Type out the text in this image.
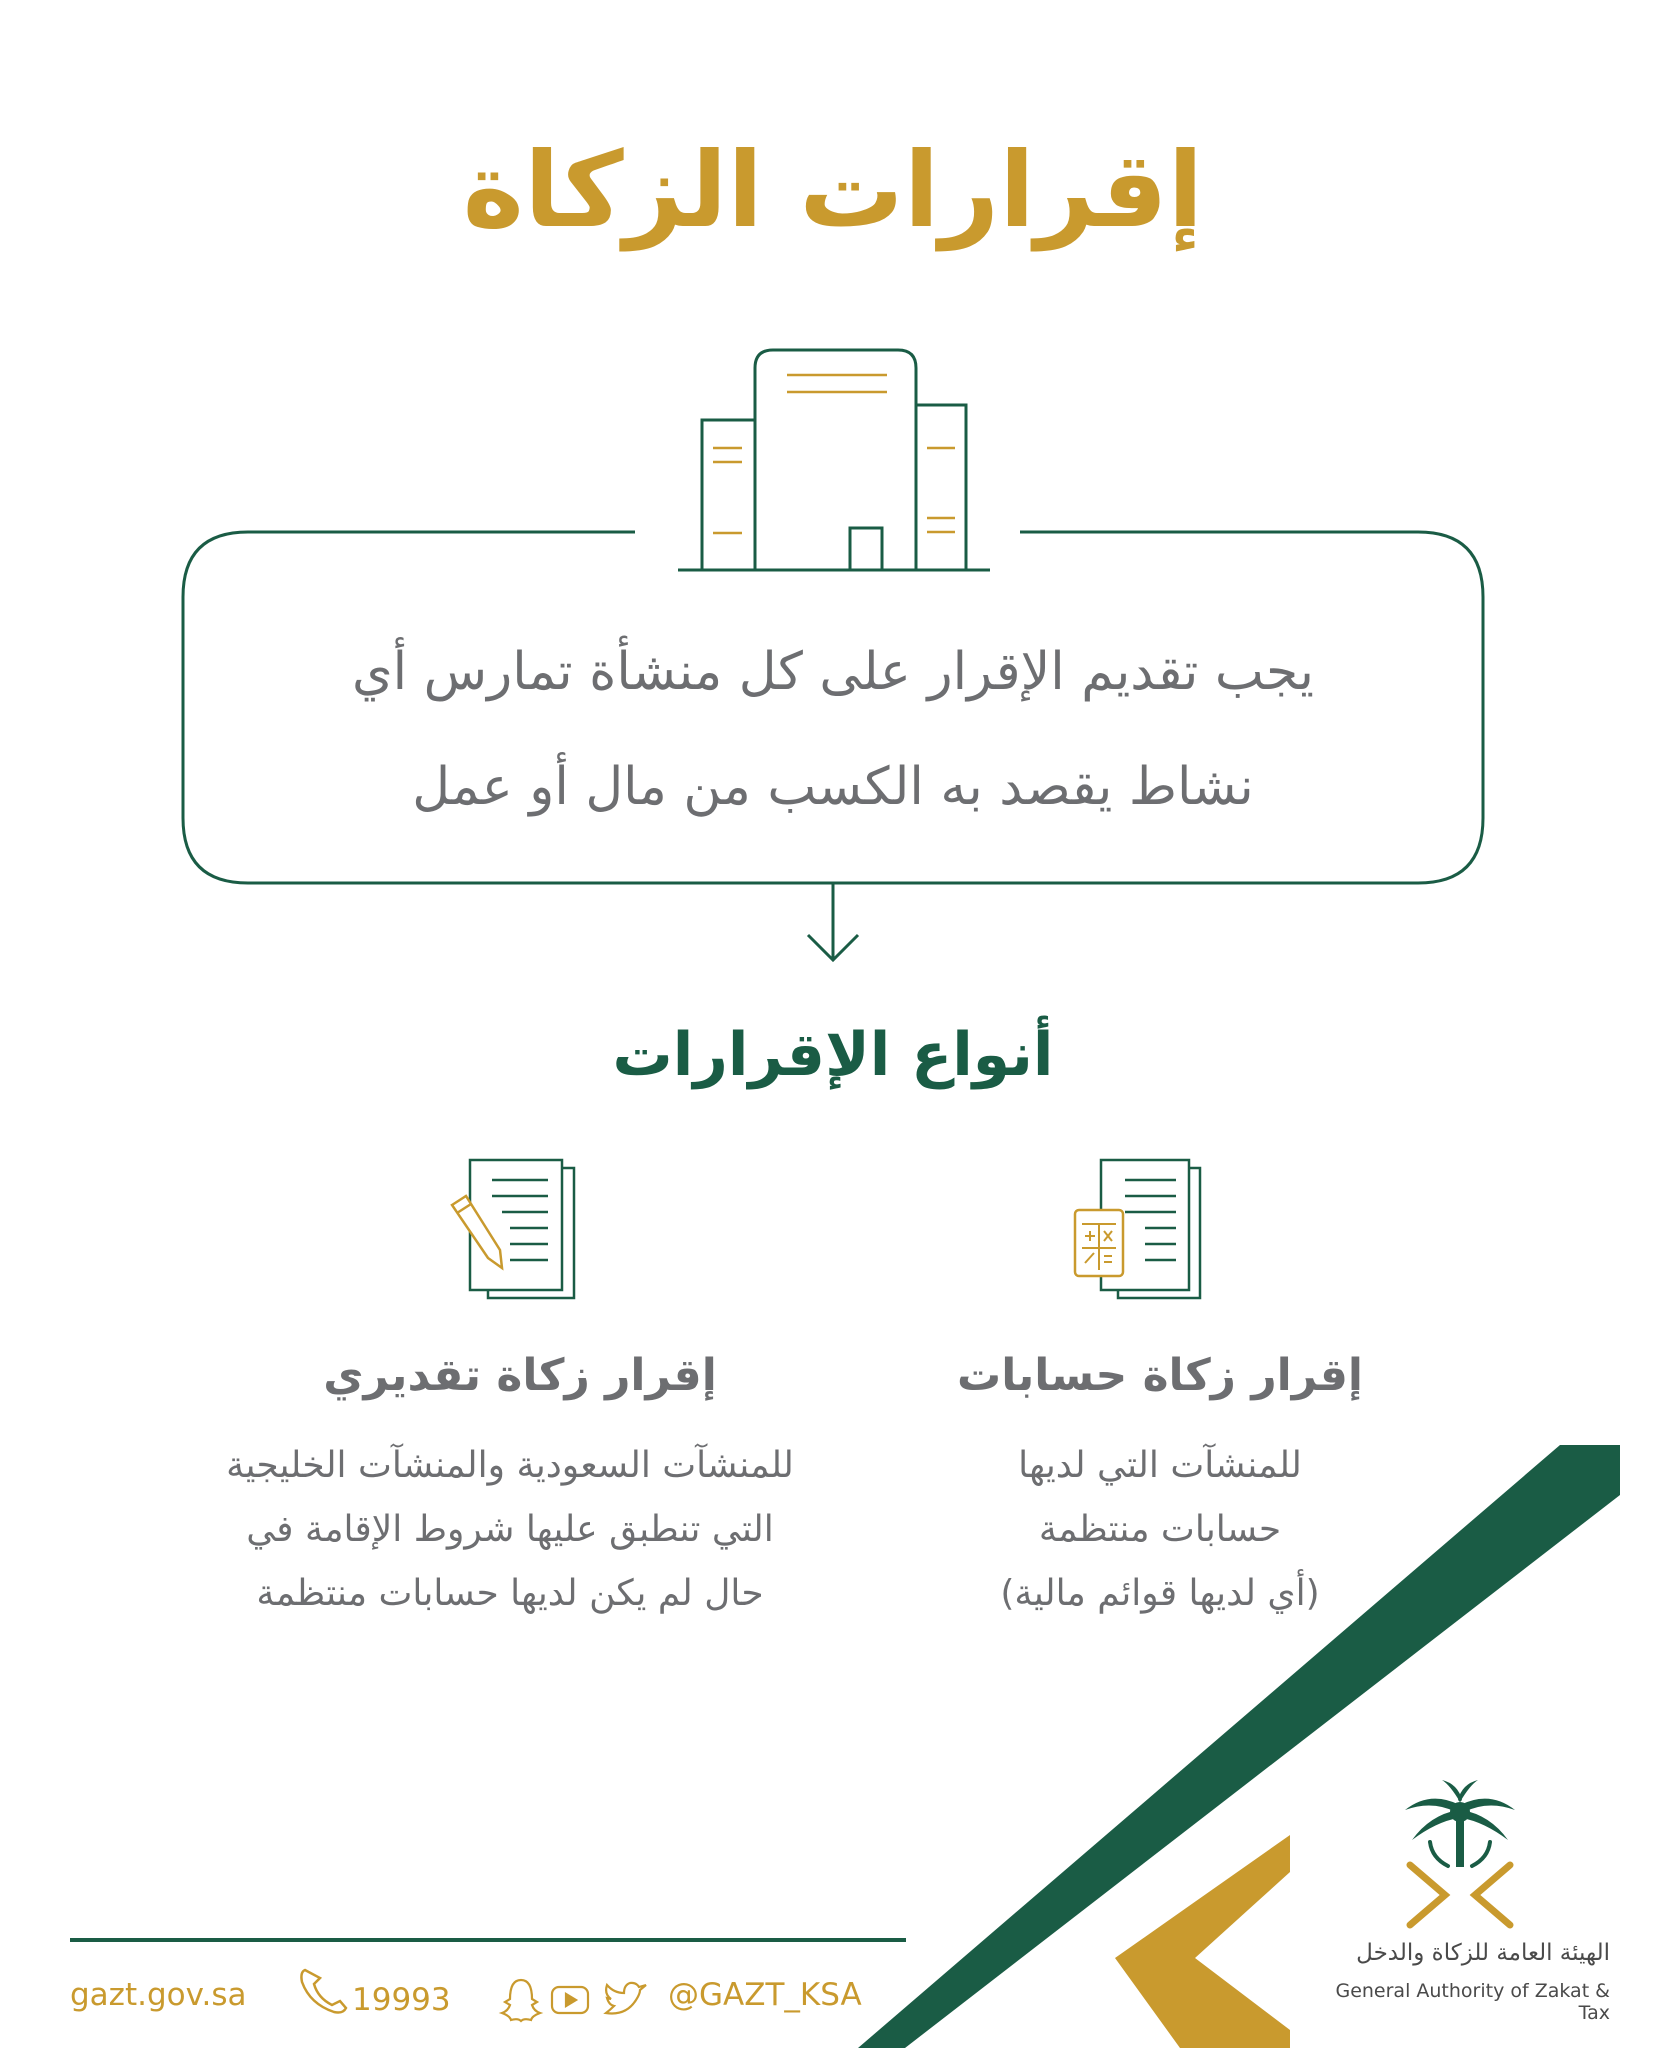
إقرارات الزكاة
يجب تقديم الإقرار على كل منشأة تمارس أي
نشاط يقصد به الكسب من مال أو عمل
أنواع الإقرارات
إقرار زكاة حسابات
للمنشآت التي لديها
حسابات منتظمة
(أي لديها قوائم مالية)
إقرار زكاة تقديري
للمنشآت السعودية والمنشآت الخليجية
التي تنطبق عليها شروط الإقامة في
حال لم يكن لديها حسابات منتظمة
الهيئة العامة للزكاة والدخل
General Authority of Zakat & Tax
gazt.gov.sa	19993	@GAZT_KSA
